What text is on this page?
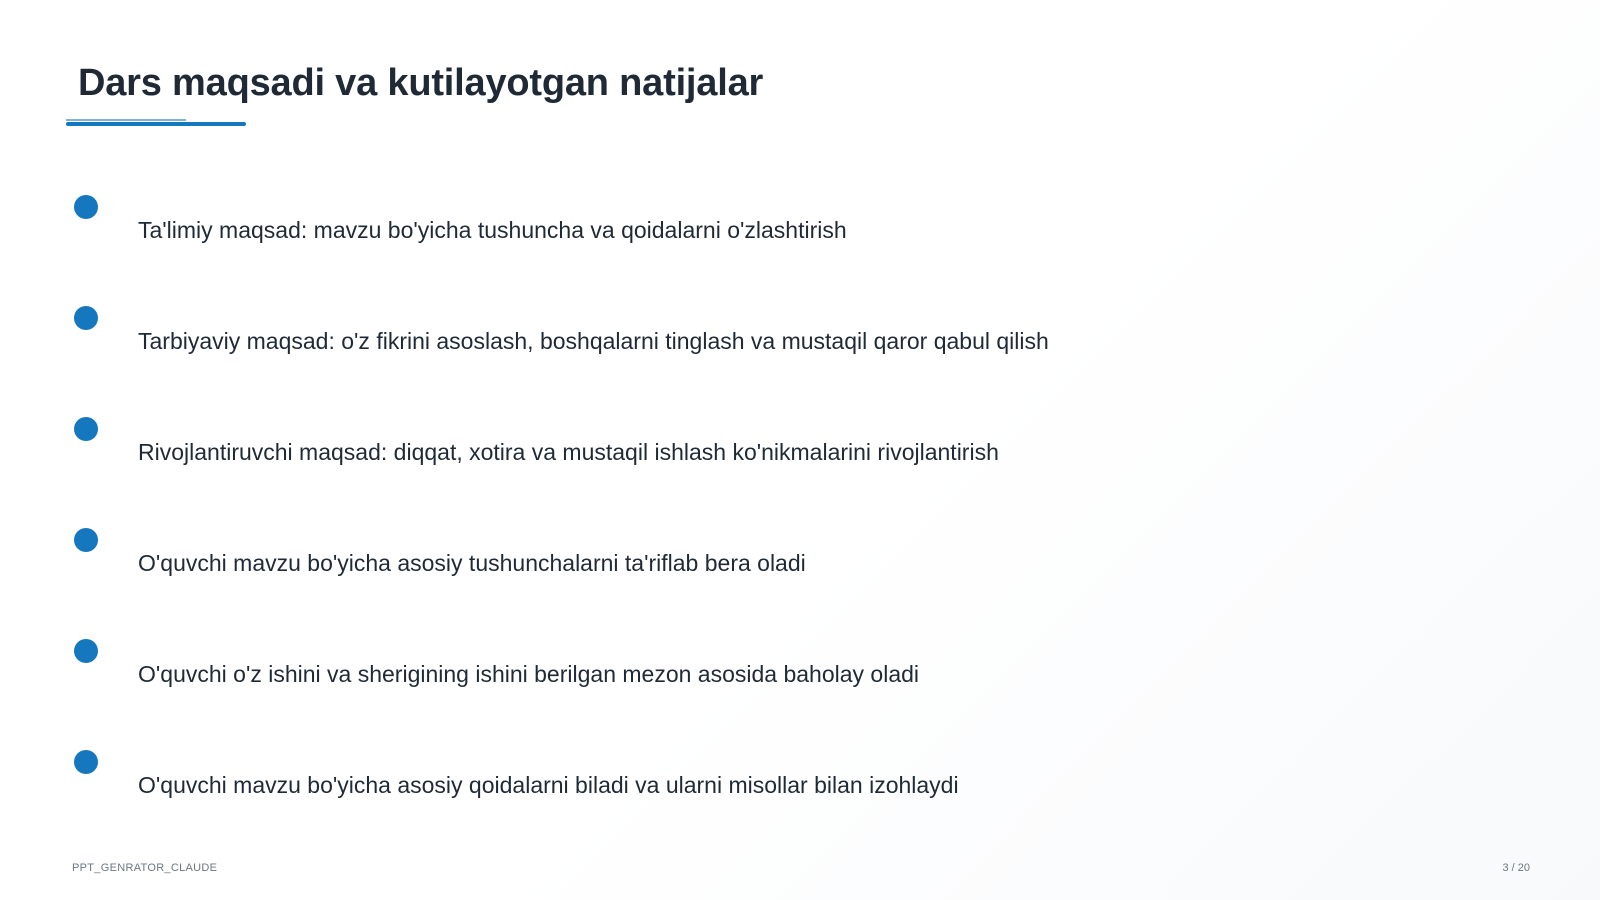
Dars maqsadi va kutilayotgan natijalar
Ta'limiy maqsad: mavzu bo'yicha tushuncha va qoidalarni o'zlashtirish
Tarbiyaviy maqsad: o'z fikrini asoslash, boshqalarni tinglash va mustaqil qaror qabul qilish
Rivojlantiruvchi maqsad: diqqat, xotira va mustaqil ishlash ko'nikmalarini rivojlantirish
O'quvchi mavzu bo'yicha asosiy tushunchalarni ta'riflab bera oladi
O'quvchi o'z ishini va sherigining ishini berilgan mezon asosida baholay oladi
O'quvchi mavzu bo'yicha asosiy qoidalarni biladi va ularni misollar bilan izohlaydi
PPT_GENRATOR_CLAUDE	3 / 20
